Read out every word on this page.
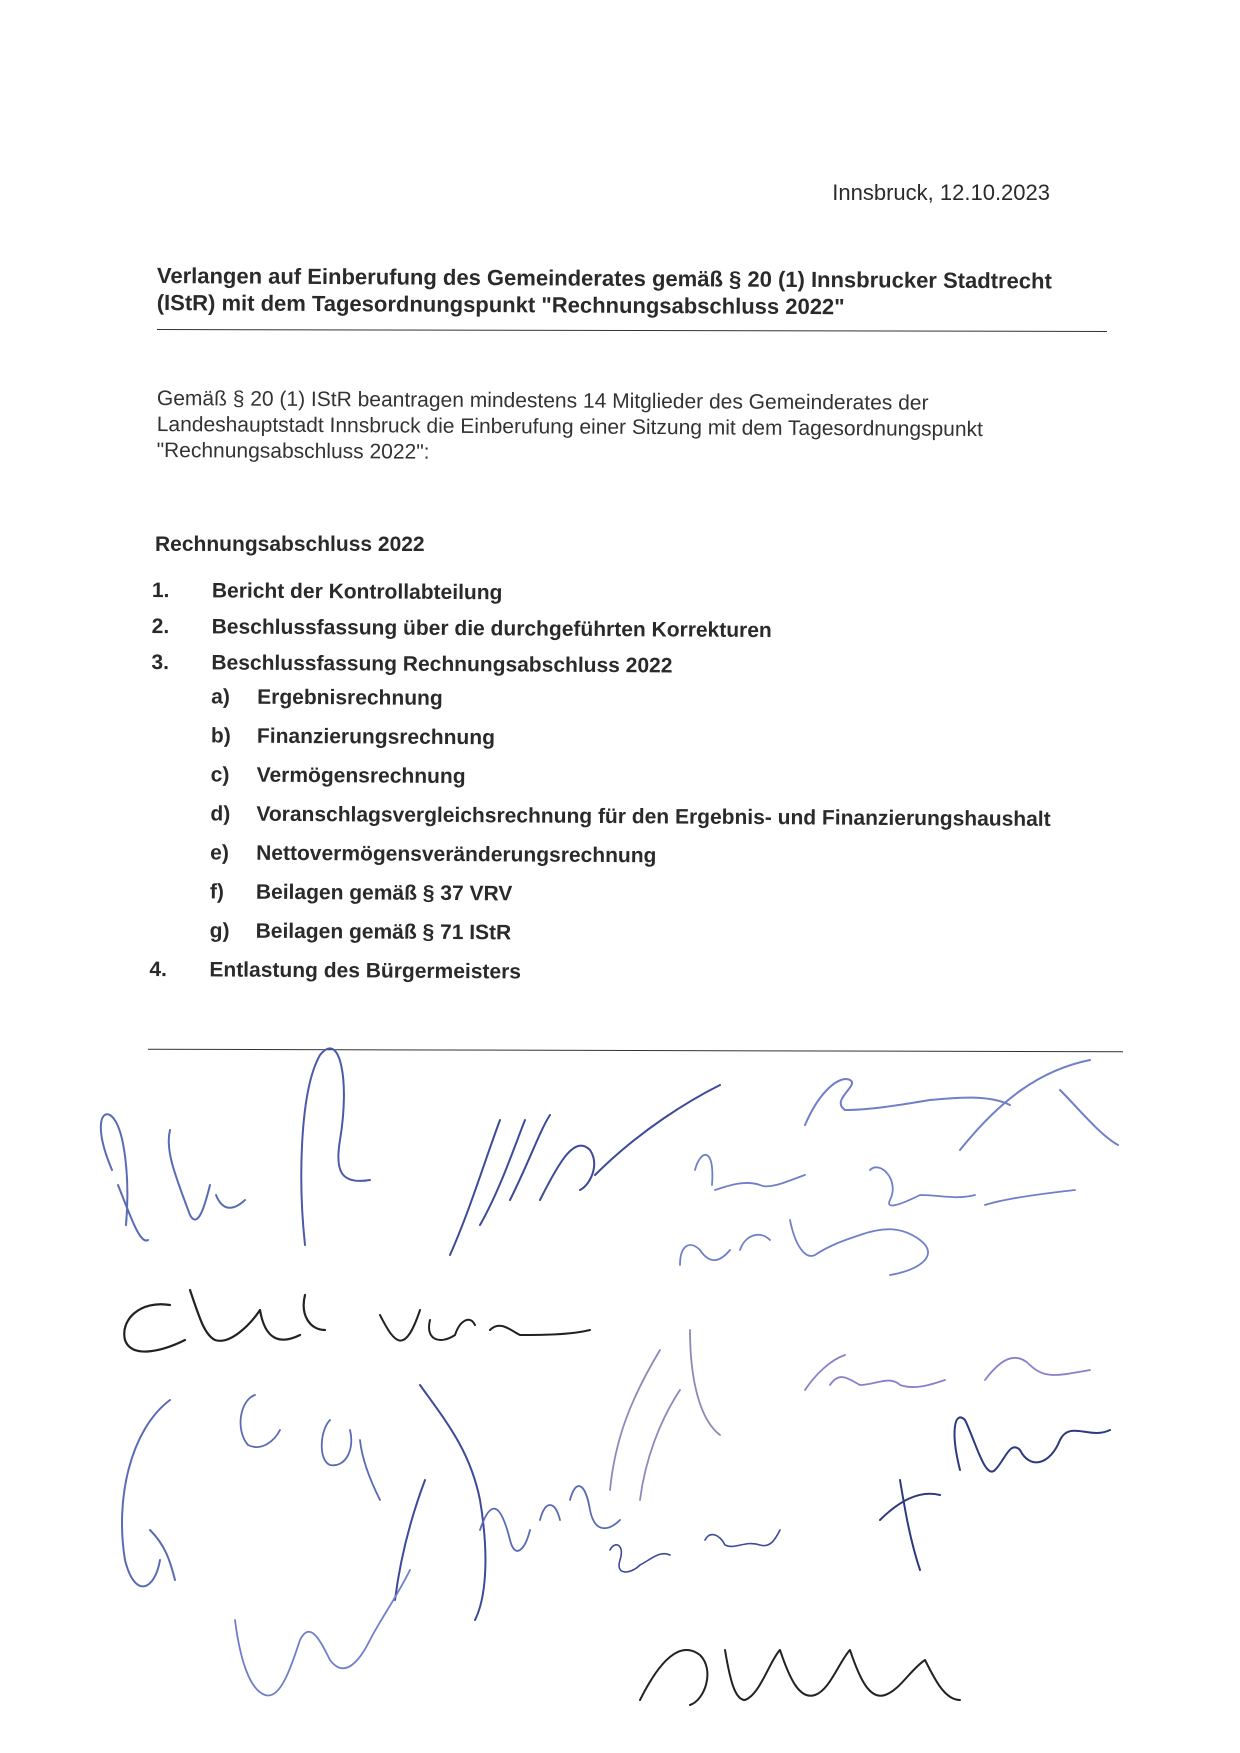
Innsbruck, 12.10.2023
Verlangen auf Einberufung des Gemeinderates gemäß § 20 (1) Innsbrucker Stadtrecht (IStR) mit dem Tagesordnungspunkt "Rechnungsabschluss 2022"
Gemäß § 20 (1) IStR beantragen mindestens 14 Mitglieder des Gemeinderates der Landeshauptstadt Innsbruck die Einberufung einer Sitzung mit dem Tagesordnungspunkt "Rechnungsabschluss 2022":
Rechnungsabschluss 2022
1.	Bericht der Kontrollabteilung
2.	Beschlussfassung über die durchgeführten Korrekturen
3.	Beschlussfassung Rechnungsabschluss 2022
a)	Ergebnisrechnung
b)	Finanzierungsrechnung
c)	Vermögensrechnung
d)	Voranschlagsvergleichsrechnung für den Ergebnis- und Finanzierungshaushalt
e)	Nettovermögensveränderungsrechnung
f)	Beilagen gemäß § 37 VRV
g)	Beilagen gemäß § 71 IStR
4.	Entlastung des Bürgermeisters
